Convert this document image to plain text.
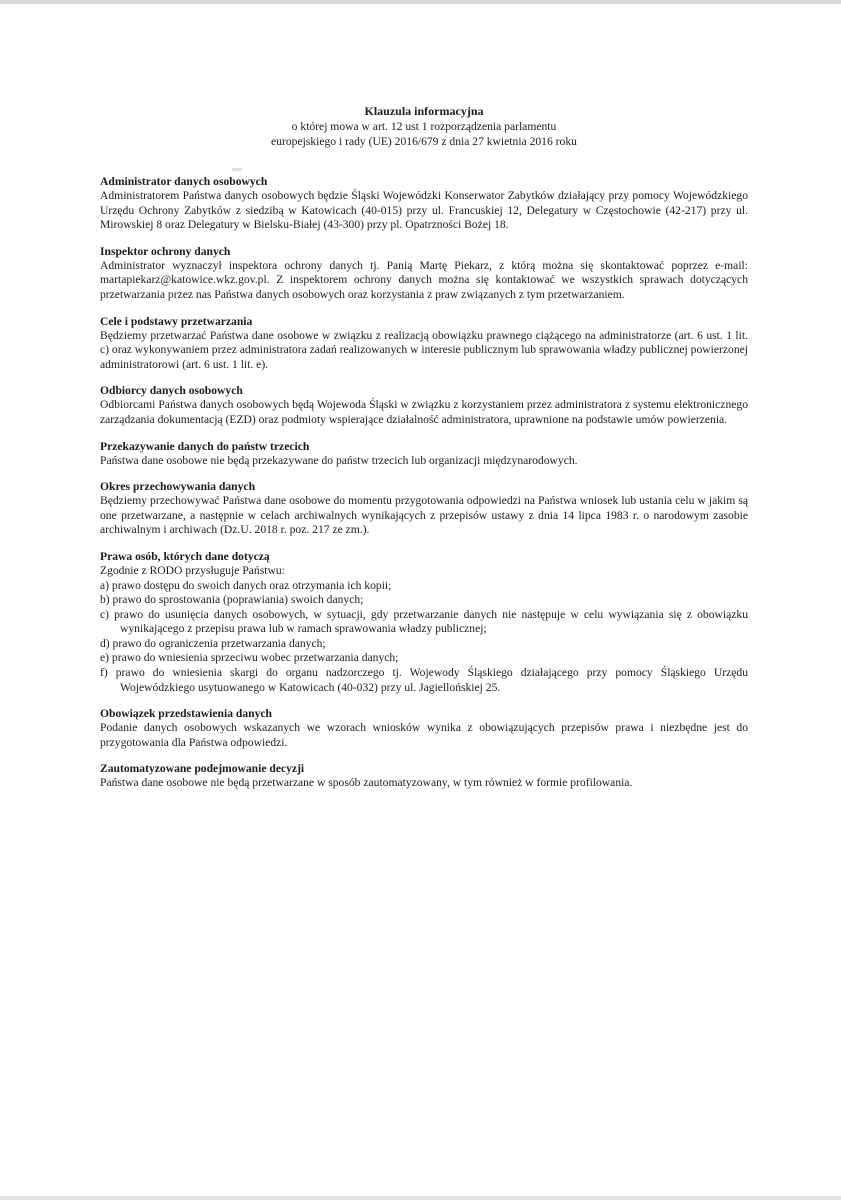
Klauzula informacyjna
o której mowa w art. 12 ust 1 rozporządzenia parlamentu
europejskiego i rady (UE) 2016/679 z dnia 27 kwietnia 2016 roku
Administrator danych osobowych

Administratorem Państwa danych osobowych będzie Śląski Wojewódzki Konserwator Zabytków działający przy pomocy Wojewódzkiego Urzędu Ochrony Zabytków z siedzibą w Katowicach (40-015) przy ul. Francuskiej 12, Delegatury w Częstochowie (42-217) przy ul. Mirowskiej 8 oraz Delegatury w Bielsku-Białej (43-300) przy pl. Opatrzności Bożej 18.

Inspektor ochrony danych

Administrator wyznaczył inspektora ochrony danych tj. Panią Martę Piekarz, z którą można się skontaktować poprzez e-mail: martapiekarz@katowice.wkz.gov.pl. Z inspektorem ochrony danych można się kontaktować we wszystkich sprawach dotyczących przetwarzania przez nas Państwa danych osobowych oraz korzystania z praw związanych z tym przetwarzaniem.

Cele i podstawy przetwarzania

Będziemy przetwarzać Państwa dane osobowe w związku z realizacją obowiązku prawnego ciążącego na administratorze (art. 6 ust. 1 lit. c) oraz wykonywaniem przez administratora zadań realizowanych w interesie publicznym lub sprawowania władzy publicznej powierzonej administratorowi (art. 6 ust. 1 lit. e).

Odbiorcy danych osobowych

Odbiorcami Państwa danych osobowych będą Wojewoda Śląski w związku z korzystaniem przez administratora z systemu elektronicznego zarządzania dokumentacją (EZD) oraz podmioty wspierające działalność administratora, uprawnione na podstawie umów powierzenia.

Przekazywanie danych do państw trzecich

Państwa dane osobowe nie będą przekazywane do państw trzecich lub organizacji międzynarodowych.

Okres przechowywania danych

Będziemy przechowywać Państwa dane osobowe do momentu przygotowania odpowiedzi na Państwa wniosek lub ustania celu w jakim są one przetwarzane, a następnie w celach archiwalnych wynikających z przepisów ustawy z dnia 14 lipca 1983 r. o narodowym zasobie archiwalnym i archiwach (Dz.U. 2018 r. poz. 217 ze zm.).

Prawa osób, których dane dotyczą
Zgodnie z RODO przysługuje Państwu:
a) prawo dostępu do swoich danych oraz otrzymania ich kopii;
b) prawo do sprostowania (poprawiania) swoich danych;
c) prawo do usunięcia danych osobowych, w sytuacji, gdy przetwarzanie danych nie następuje w celu wywiązania się z obowiązku wynikającego z przepisu prawa lub w ramach sprawowania władzy publicznej;
d) prawo do ograniczenia przetwarzania danych;
e) prawo do wniesienia sprzeciwu wobec przetwarzania danych;
f) prawo do wniesienia skargi do organu nadzorczego tj. Wojewody Śląskiego działającego przy pomocy Śląskiego Urzędu Wojewódzkiego usytuowanego w Katowicach (40-032) przy ul. Jagiellońskiej 25.
Obowiązek przedstawienia danych

Podanie danych osobowych wskazanych we wzorach wniosków wynika z obowiązujących przepisów prawa i niezbędne jest do przygotowania dla Państwa odpowiedzi.

Zautomatyzowane podejmowanie decyzji

Państwa dane osobowe nie będą przetwarzane w sposób zautomatyzowany, w tym również w formie profilowania.
